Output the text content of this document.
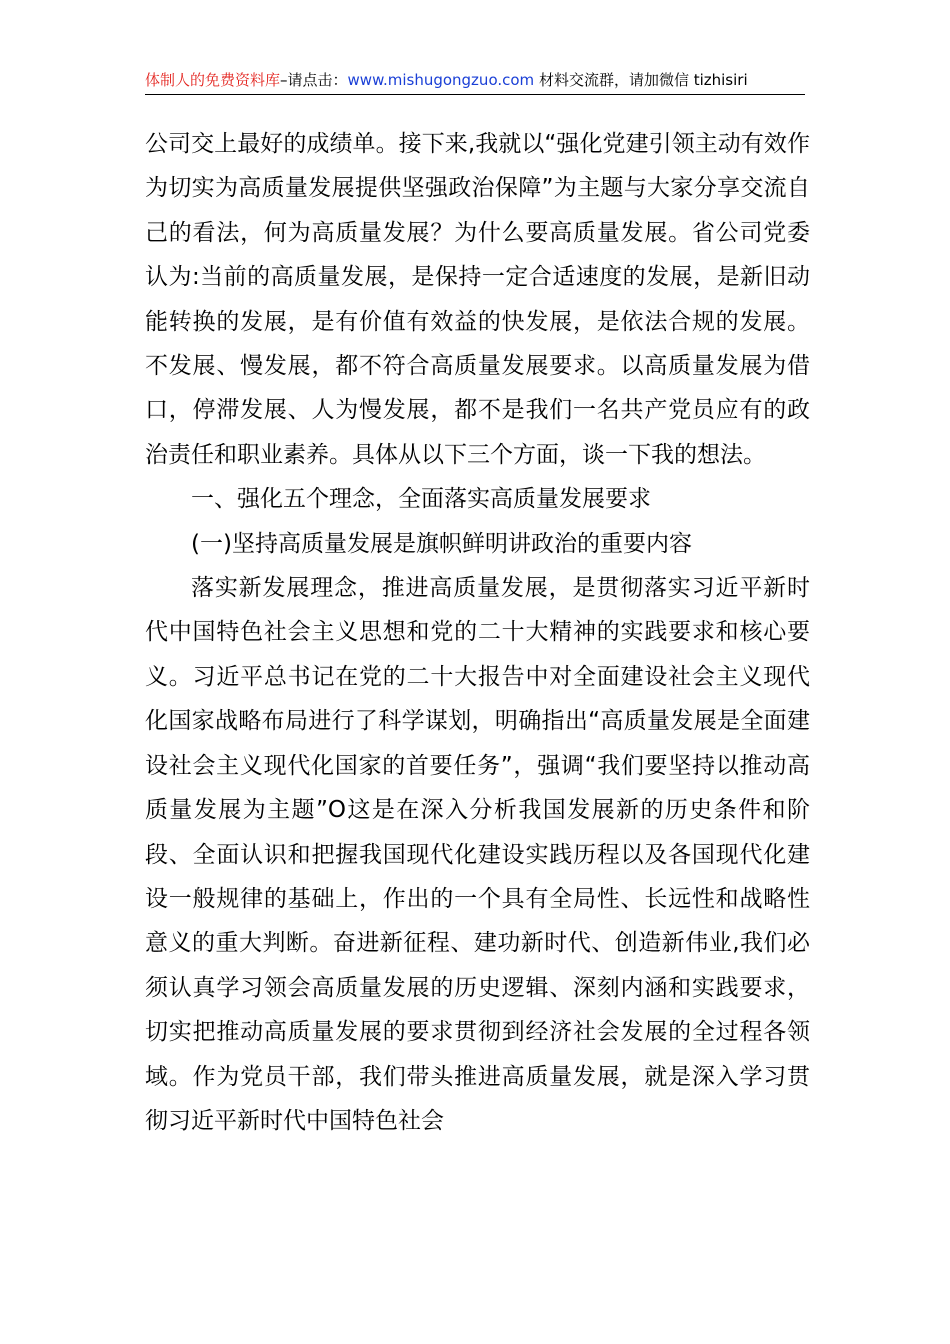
体制人的免费资料库–请点击：www.mishugongzuo.com 材料交流群，请加微信 tizhisiri

公司交上最好的成绩单。接下来,我就以“强化党建引领主动有效作为切实为高质量发展提供坚强政治保障”为主题与大家分享交流自己的看法，何为高质量发展？为什么要高质量发展。省公司党委认为:当前的高质量发展，是保持一定合适速度的发展，是新旧动能转换的发展，是有价值有效益的快发展，是依法合规的发展。不发展、慢发展，都不符合高质量发展要求。以高质量发展为借口，停滞发展、人为慢发展，都不是我们一名共产党员应有的政治责任和职业素养。具体从以下三个方面，谈一下我的想法。

一、强化五个理念，全面落实高质量发展要求

(一)坚持高质量发展是旗帜鲜明讲政治的重要内容

落实新发展理念，推进高质量发展，是贯彻落实习近平新时代中国特色社会主义思想和党的二十大精神的实践要求和核心要义。习近平总书记在党的二十大报告中对全面建设社会主义现代化国家战略布局进行了科学谋划，明确指出“高质量发展是全面建设社会主义现代化国家的首要任务”，强调“我们要坚持以推动高质量发展为主题”O这是在深入分析我国发展新的历史条件和阶段、全面认识和把握我国现代化建设实践历程以及各国现代化建设一般规律的基础上，作出的一个具有全局性、长远性和战略性意义的重大判断。奋进新征程、建功新时代、创造新伟业,我们必须认真学习领会高质量发展的历史逻辑、深刻内涵和实践要求，切实把推动高质量发展的要求贯彻到经济社会发展的全过程各领域。作为党员干部，我们带头推进高质量发展，就是深入学习贯彻习近平新时代中国特色社会
